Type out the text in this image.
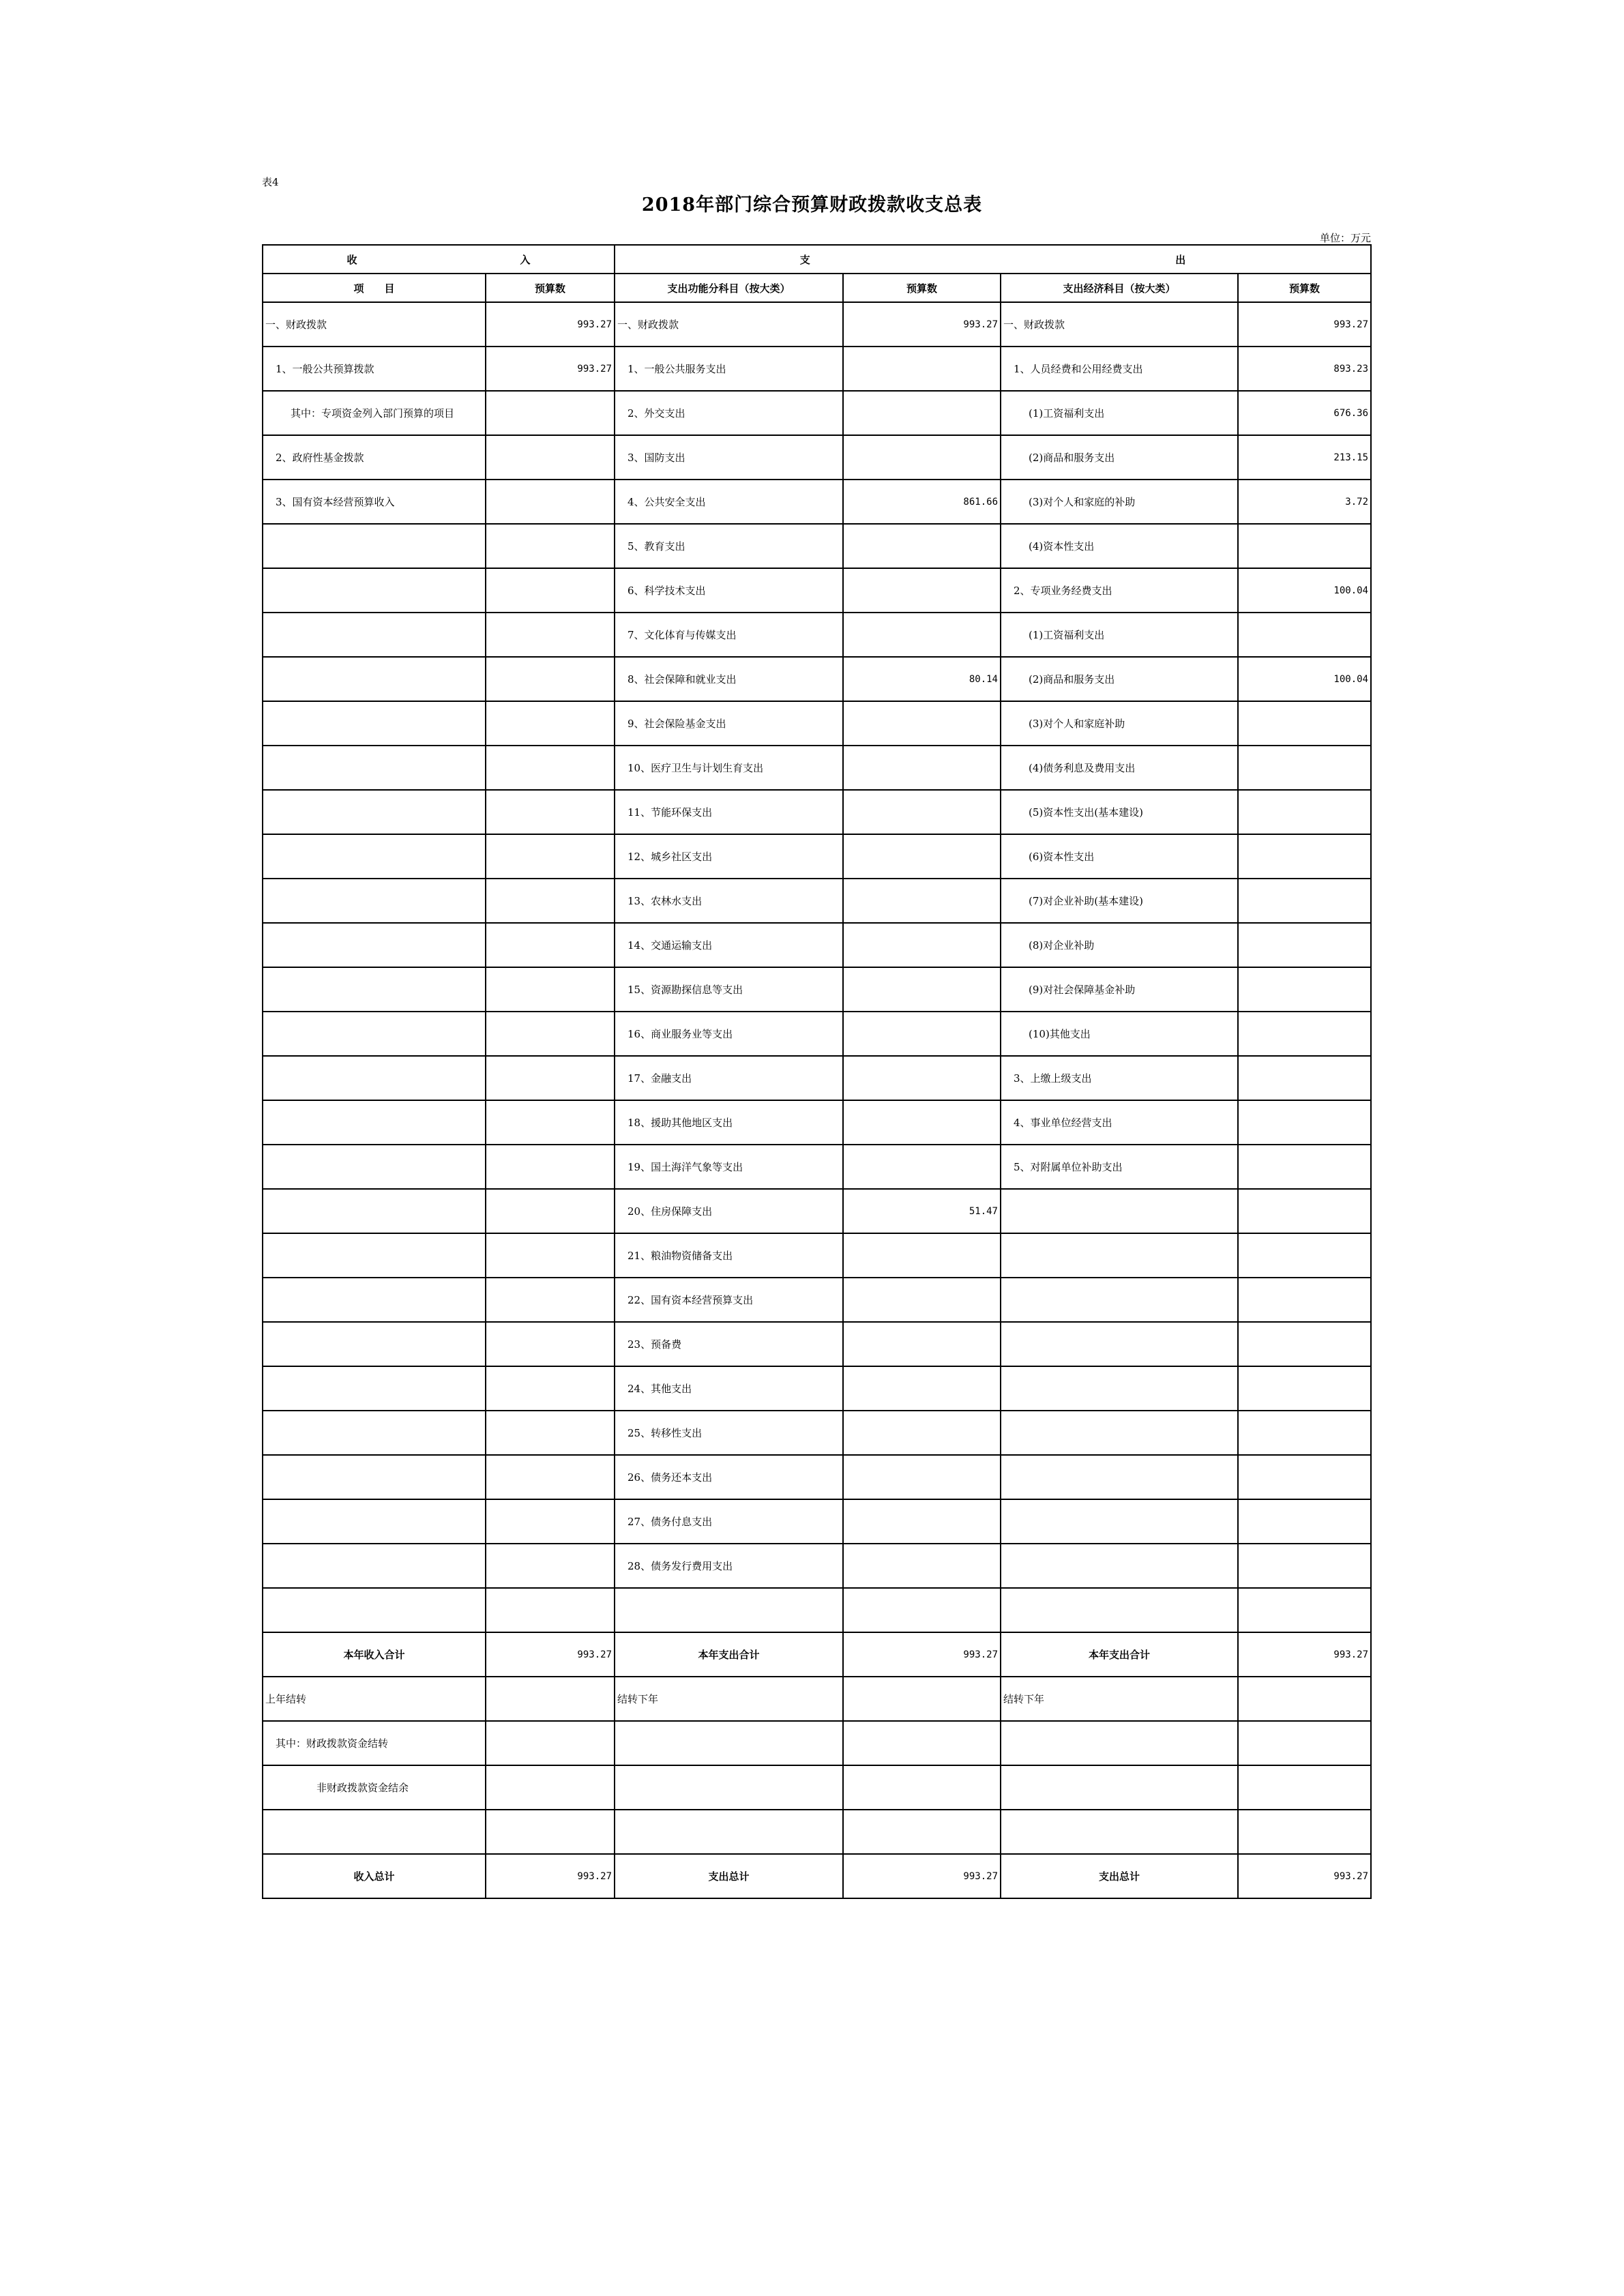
表4
2018年部门综合预算财政拨款收支总表
单位：万元
收 入		支 出			

项　　目	预算数	支出功能分科目（按大类）	预算数	支出经济科目（按大类）	预算数
一、财政拨款	993.27	一、财政拨款	993.27	一、财政拨款	993.27
1、一般公共预算拨款	993.27	1、一般公共服务支出		1、人员经费和公用经费支出	893.23
其中：专项资金列入部门预算的项目		2、外交支出		(1)工资福利支出	676.36
2、政府性基金拨款		3、国防支出		(2)商品和服务支出	213.15
3、国有资本经营预算收入		4、公共安全支出	861.66	(3)对个人和家庭的补助	3.72
		5、教育支出		(4)资本性支出	
		6、科学技术支出		2、专项业务经费支出	100.04
		7、文化体育与传媒支出		(1)工资福利支出	
		8、社会保障和就业支出	80.14	(2)商品和服务支出	100.04
		9、社会保险基金支出		(3)对个人和家庭补助	
		10、医疗卫生与计划生育支出		(4)债务利息及费用支出	
		11、节能环保支出		(5)资本性支出(基本建设)	
		12、城乡社区支出		(6)资本性支出	
		13、农林水支出		(7)对企业补助(基本建设)	
		14、交通运输支出		(8)对企业补助	
		15、资源勘探信息等支出		(9)对社会保障基金补助	
		16、商业服务业等支出		(10)其他支出	
		17、金融支出		3、上缴上级支出	
		18、援助其他地区支出		4、事业单位经营支出	
		19、国土海洋气象等支出		5、对附属单位补助支出	
		20、住房保障支出	51.47		
		21、粮油物资储备支出			
		22、国有资本经营预算支出			
		23、预备费			
		24、其他支出			
		25、转移性支出			
		26、债务还本支出			
		27、债务付息支出			
		28、债务发行费用支出			

本年收入合计	993.27	本年支出合计	993.27	本年支出合计	993.27
上年结转		结转下年		结转下年	
其中：财政拨款资金结转					
非财政拨款资金结余					

收入总计	993.27	支出总计	993.27	支出总计	993.27
